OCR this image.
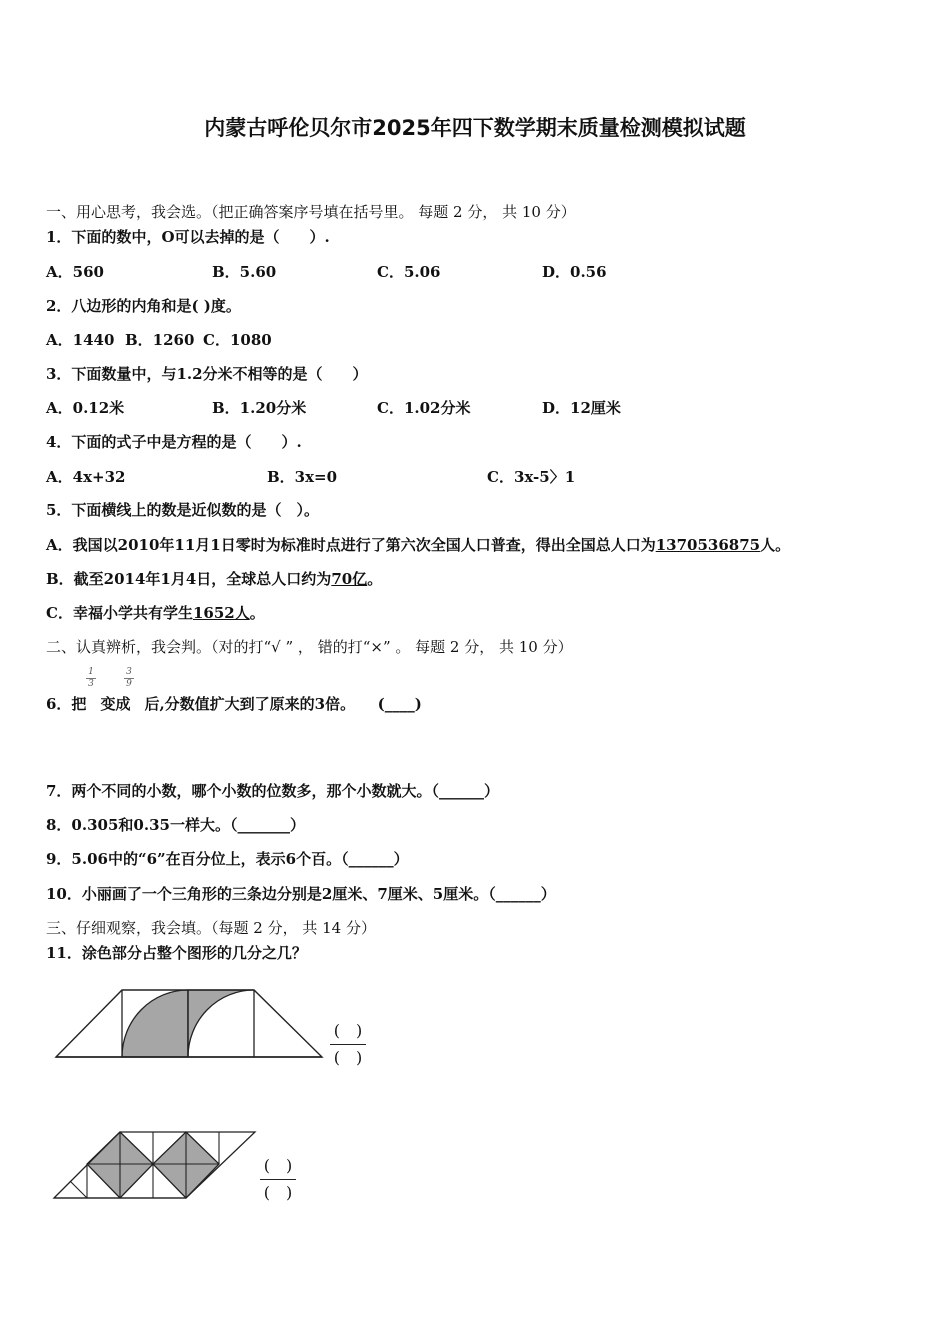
内蒙古呼伦贝尔市2025年四下数学期末质量检测模拟试题
一、用心思考，我会选。（把正确答案序号填在括号里。 每题 2 分， 共 10 分）
1．下面的数中，O可以去掉的是（　　）.
A．560	B．5.60	C．5.06	D．0.56
2．八边形的内角和是( )度。
A．1440 B．1260 C．1080
3．下面数量中，与1.2分米不相等的是（　　）
A．0.12米	B．1.20分米	C．1.02分米	D．12厘米
4．下面的式子中是方程的是（　　）.
A．4x+32	B．3x=0	C．3x-5〉1
5．下面横线上的数是近似数的是（　）。
A．我国以2010年11月1日零时为标准时点进行了第六次全国人口普查，得出全国总人口为1370536875人。
B．截至2014年1月4日，全球总人口约为70亿。
C．幸福小学共有学生1652人。
二、认真辨析，我会判。（对的打“√ ” ， 错的打“×” 。 每题 2 分， 共 10 分）
1
3
3
9
6．把 变成 后,分数值扩大到了原来的3倍。　　(____)
7．两个不同的小数，哪个小数的位数多，那个小数就大。（______）
8．0.305和0.35一样大。（_______）
9．5.06中的“6”在百分位上，表示6个百。（______）
10．小丽画了一个三角形的三条边分别是2厘米、7厘米、5厘米。（______）
三、仔细观察，我会填。（每题 2 分， 共 14 分）
11．涂色部分占整个图形的几分之几？
(　)
(　)
(　)
(　)
